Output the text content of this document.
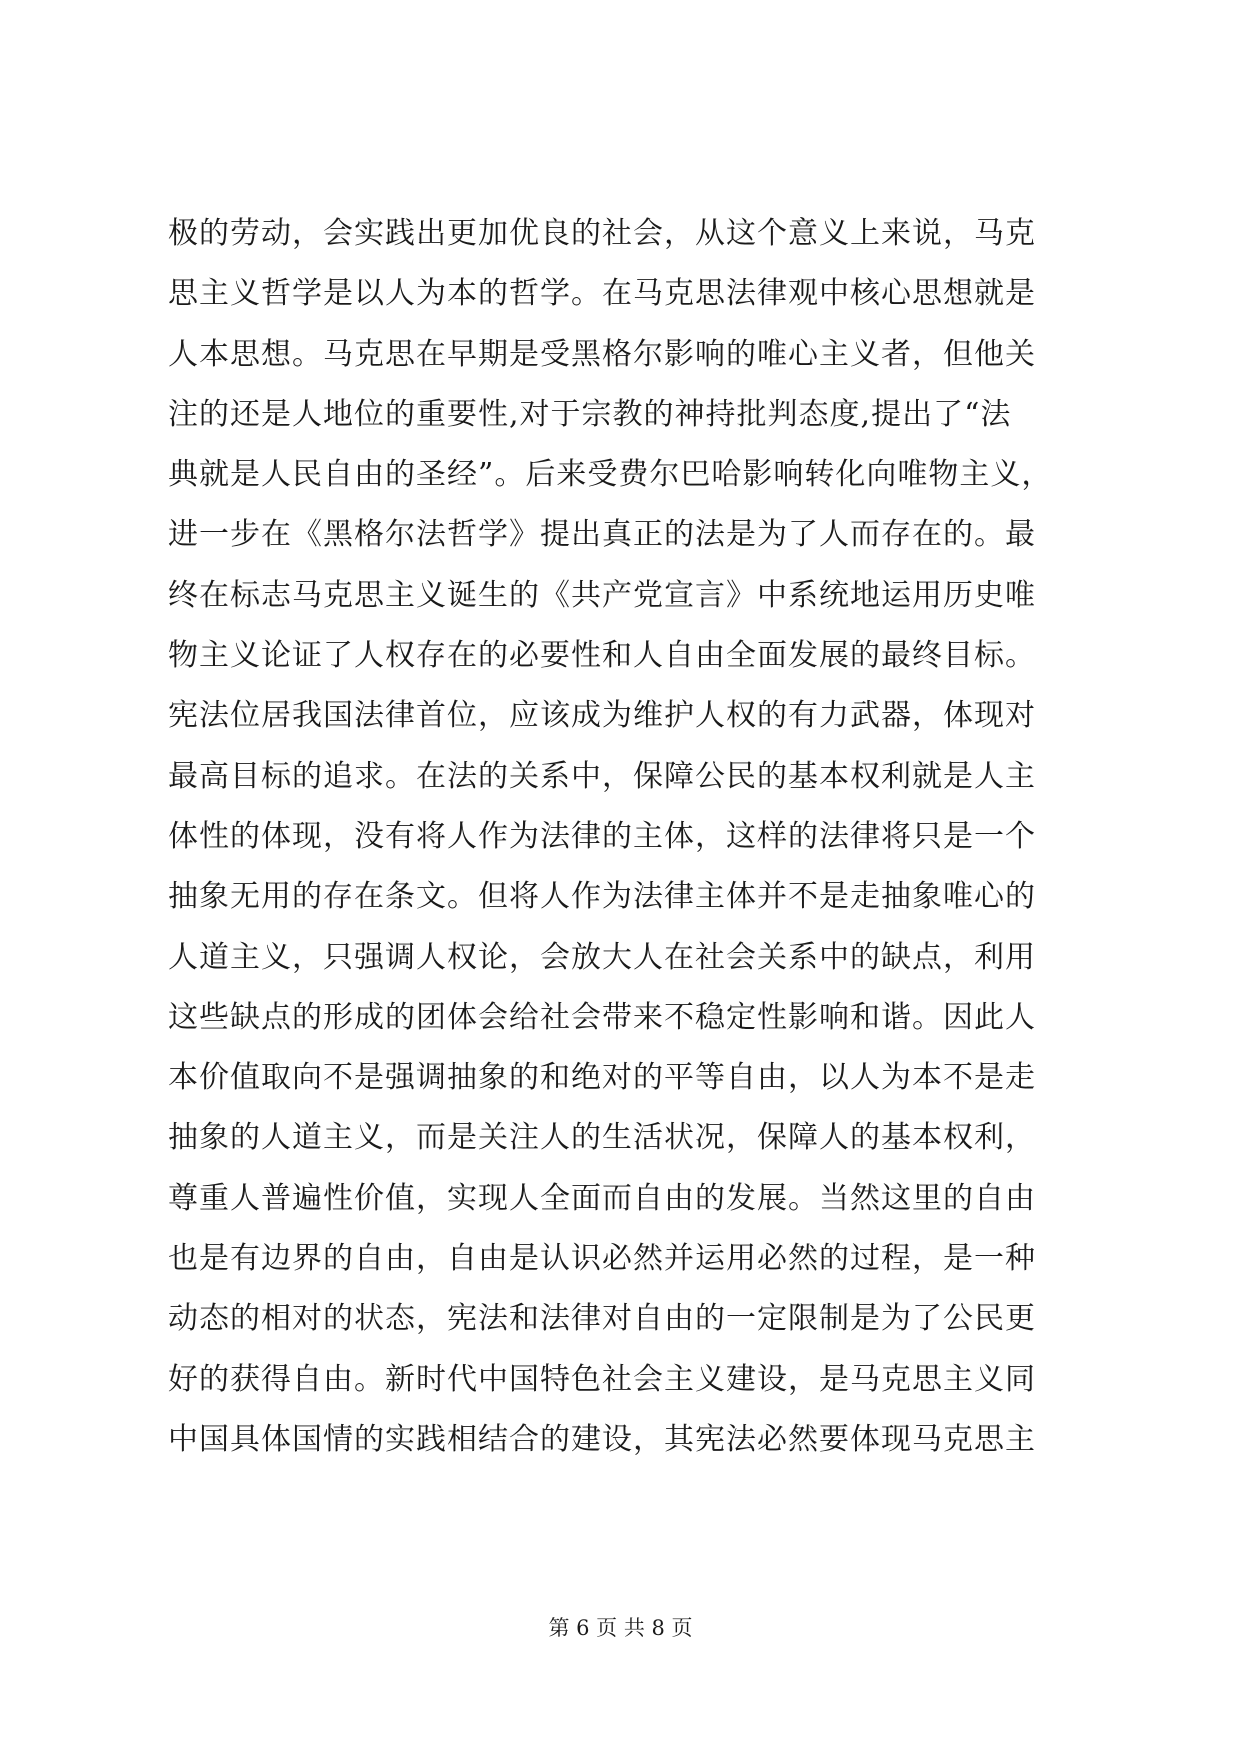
极的劳动，会实践出更加优良的社会，从这个意义上来说，马克
思主义哲学是以人为本的哲学。在马克思法律观中核心思想就是
人本思想。马克思在早期是受黑格尔影响的唯心主义者，但他关
注的还是人地位的重要性,对于宗教的神持批判态度,提出了“法
典就是人民自由的圣经”。后来受费尔巴哈影响转化向唯物主义，
进一步在《黑格尔法哲学》提出真正的法是为了人而存在的。最
终在标志马克思主义诞生的《共产党宣言》中系统地运用历史唯
物主义论证了人权存在的必要性和人自由全面发展的最终目标。
宪法位居我国法律首位，应该成为维护人权的有力武器，体现对
最高目标的追求。在法的关系中，保障公民的基本权利就是人主
体性的体现，没有将人作为法律的主体，这样的法律将只是一个
抽象无用的存在条文。但将人作为法律主体并不是走抽象唯心的
人道主义，只强调人权论，会放大人在社会关系中的缺点，利用
这些缺点的形成的团体会给社会带来不稳定性影响和谐。因此人
本价值取向不是强调抽象的和绝对的平等自由，以人为本不是走
抽象的人道主义，而是关注人的生活状况，保障人的基本权利，
尊重人普遍性价值，实现人全面而自由的发展。当然这里的自由
也是有边界的自由，自由是认识必然并运用必然的过程，是一种
动态的相对的状态，宪法和法律对自由的一定限制是为了公民更
好的获得自由。新时代中国特色社会主义建设，是马克思主义同
中国具体国情的实践相结合的建设，其宪法必然要体现马克思主
第 6 页 共 8 页
